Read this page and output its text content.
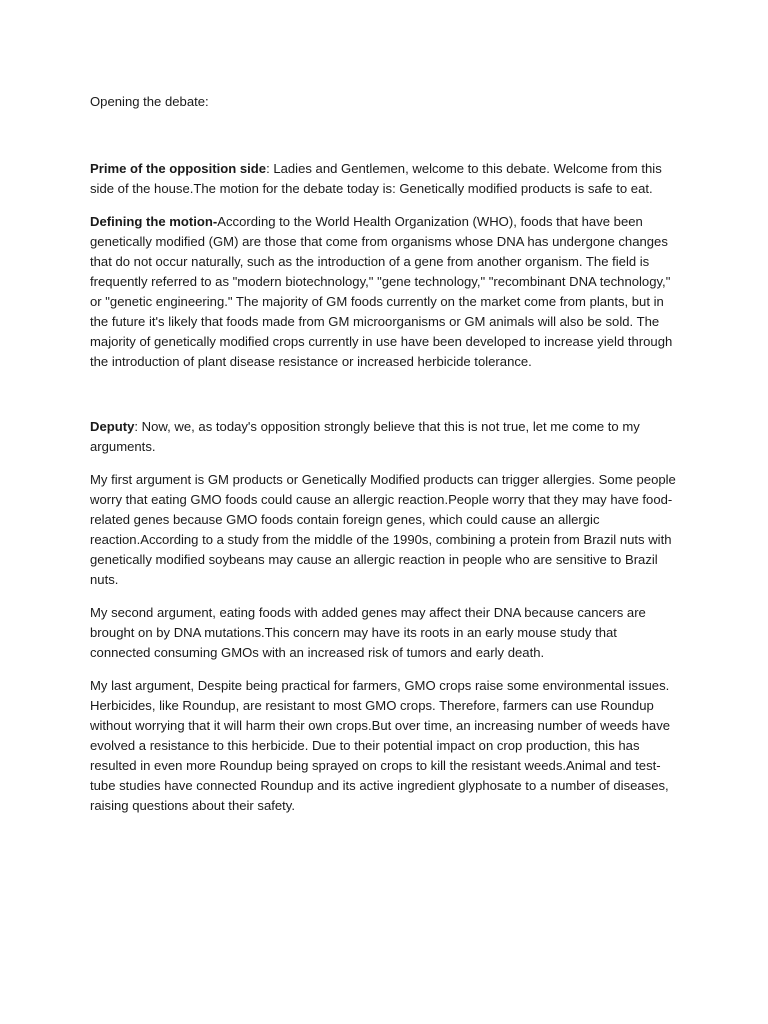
Opening the debate:

Prime of the opposition side: Ladies and Gentlemen, welcome to this debate. Welcome from this side of the house.The motion for the debate today is: Genetically modified products is safe to eat.

Defining the motion-According to the World Health Organization (WHO), foods that have been genetically modified (GM) are those that come from organisms whose DNA has undergone changes that do not occur naturally, such as the introduction of a gene from another organism. The field is frequently referred to as "modern biotechnology," "gene technology," "recombinant DNA technology," or "genetic engineering." The majority of GM foods currently on the market come from plants, but in the future it's likely that foods made from GM microorganisms or GM animals will also be sold. The majority of genetically modified crops currently in use have been developed to increase yield through the introduction of plant disease resistance or increased herbicide tolerance.

Deputy: Now, we, as today's opposition strongly believe that this is not true, let me come to my arguments.

My first argument is GM products or Genetically Modified products can trigger allergies. Some people worry that eating GMO foods could cause an allergic reaction.People worry that they may have food-related genes because GMO foods contain foreign genes, which could cause an allergic reaction.According to a study from the middle of the 1990s, combining a protein from Brazil nuts with genetically modified soybeans may cause an allergic reaction in people who are sensitive to Brazil nuts.

My second argument, eating foods with added genes may affect their DNA because cancers are brought on by DNA mutations.This concern may have its roots in an early mouse study that connected consuming GMOs with an increased risk of tumors and early death.

My last argument, Despite being practical for farmers, GMO crops raise some environmental issues. Herbicides, like Roundup, are resistant to most GMO crops. Therefore, farmers can use Roundup without worrying that it will harm their own crops.But over time, an increasing number of weeds have evolved a resistance to this herbicide. Due to their potential impact on crop production, this has resulted in even more Roundup being sprayed on crops to kill the resistant weeds.Animal and test-tube studies have connected Roundup and its active ingredient glyphosate to a number of diseases, raising questions about their safety.
